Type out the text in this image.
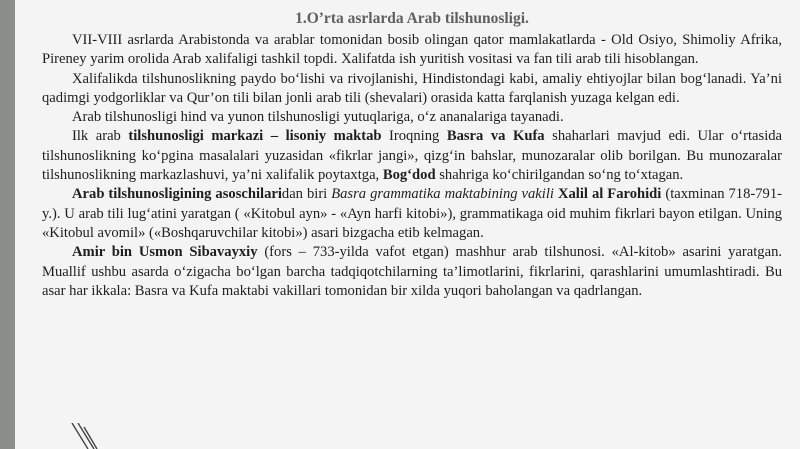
1.O’rta asrlarda Arab tilshunosligi.

VII-VIII asrlarda Arabistonda va arablar tomonidan bosib olingan qator mamlakatlarda - Old Osiyo, Shimoliy Afrika, Pireney yarim orolida Arab xalifaligi tashkil topdi. Xalifatda ish yuritish vositasi va fan tili arab tili hisoblangan.

Xalifalikda tilshunoslikning paydo bo‘lishi va rivojlanishi, Hindistondagi kabi, amaliy ehtiyojlar bilan bog‘lanadi. Ya’ni qadimgi yodgorliklar va Qur’on tili bilan jonli arab tili (shevalari) orasida katta farqlanish yuzaga kelgan edi.

Arab tilshunosligi hind va yunon tilshunosligi yutuqlariga, o‘z ananalariga tayanadi.

Ilk arab tilshunosligi markazi – lisoniy maktab Iroqning Basra va Kufa shaharlari mavjud edi. Ular o‘rtasida tilshunoslikning ko‘pgina masalalari yuzasidan «fikrlar jangi», qizg‘in bahslar, munozaralar olib borilgan. Bu munozaralar tilshunoslikning markazlashuvi, ya’ni xalifalik poytaxtga, Bog‘dod shahriga ko‘chirilgandan so‘ng to‘xtagan.

Arab tilshunosligining asoschilaridan biri Basra grammatika maktabining vakili Xalil al Farohidi (taxminan 718-791-y.). U arab tili lug‘atini yaratgan ( «Kitobul ayn» - «Ayn harfi kitobi»), grammatikaga oid muhim fikrlari bayon etilgan. Uning «Kitobul avomil» («Boshqaruvchilar kitobi») asari bizgacha etib kelmagan.

Amir bin Usmon Sibavayxiy (fors – 733-yilda vafot etgan) mashhur arab tilshunosi. «Al-kitob» asarini yaratgan. Muallif ushbu asarda o‘zigacha bo‘lgan barcha tadqiqotchilarning ta’limotlarini, fikrlarini, qarashlarini umumlashtiradi. Bu asar har ikkala: Basra va Kufa maktabi vakillari tomonidan bir xilda yuqori baholangan va qadrlangan.
